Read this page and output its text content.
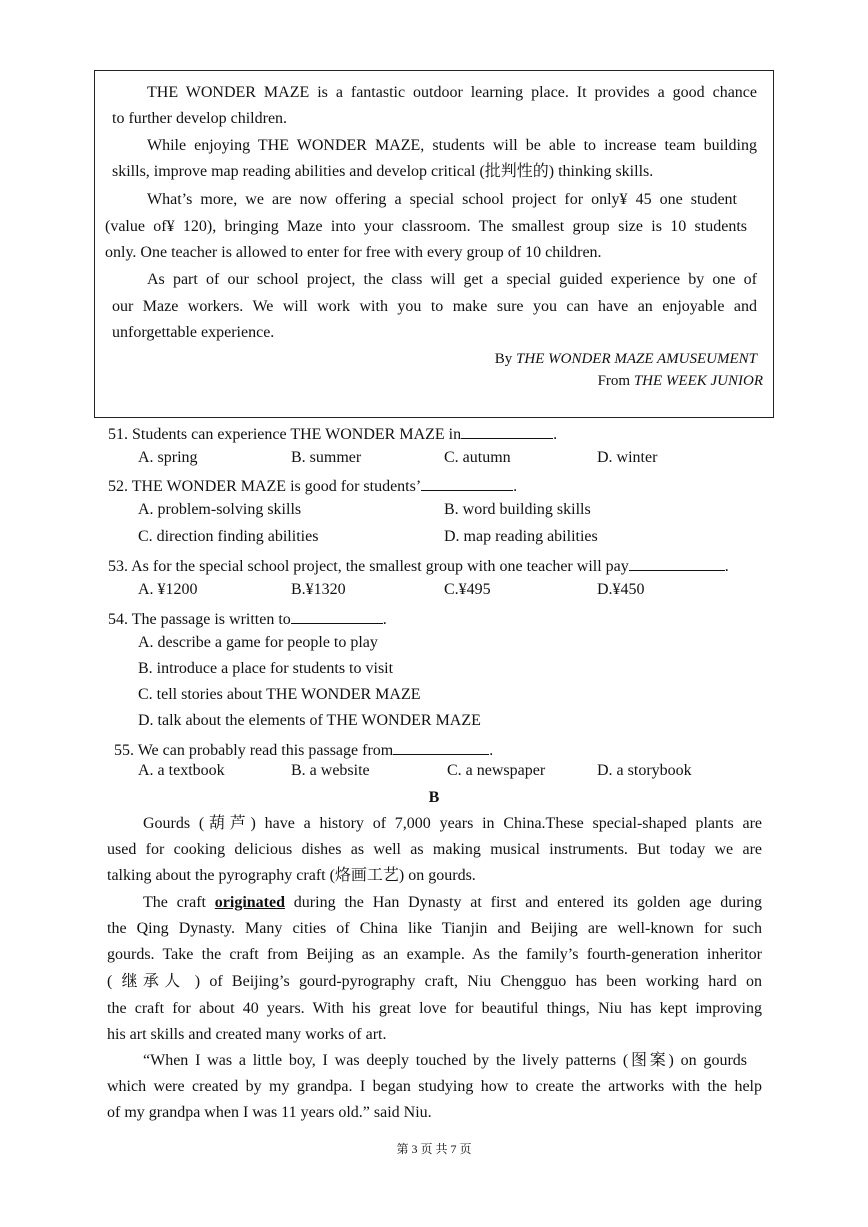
THE WONDER MAZE is a fantastic outdoor learning place. It provides a good chance
to further develop children.
While enjoying THE WONDER MAZE, students will be able to increase team building
skills, improve map reading abilities and develop critical (批判性的) thinking skills.
What’s more, we are now offering a special school project for only¥ 45 one student
(value of¥ 120), bringing Maze into your classroom. The smallest group size is 10 students
only. One teacher is allowed to enter for free with every group of 10 children.
As part of our school project, the class will get a special guided experience by one of
our Maze workers. We will work with you to make sure you can have an enjoyable and
unforgettable experience.
By THE WONDER MAZE AMUSEUMENT
From THE WEEK JUNIOR
51. Students can experience THE WONDER MAZE in	.
A. spring	B. summer	C. autumn	D. winter
52. THE WONDER MAZE is good for students’	.
A. problem-solving skills	B. word building skills
C. direction finding abilities	D. map reading abilities
53. As for the special school project, the smallest group with one teacher will pay	.
A. ¥1200	B.¥1320	C.¥495	D.¥450
54. The passage is written to	.
A. describe a game for people to play
B. introduce a place for students to visit
C. tell stories about THE WONDER MAZE
D. talk about the elements of THE WONDER MAZE
55. We can probably read this passage from	.
A. a textbook	B. a website	C. a newspaper	D. a storybook
B
Gourds (葫芦) have a history of 7,000 years in China.These special-shaped plants are
used for cooking delicious dishes as well as making musical instruments. But today we are
talking about the pyrography craft (烙画工艺) on gourds.
The craft originated during the Han Dynasty at first and entered its golden age during
the Qing Dynasty. Many cities of China like Tianjin and Beijing are well-known for such
gourds. Take the craft from Beijing as an example. As the family’s fourth-generation inheritor
( 继承人 ) of Beijing’s gourd-pyrography craft, Niu Chengguo has been working hard on
the craft for about 40 years. With his great love for beautiful things, Niu has kept improving
his art skills and created many works of art.
“When I was a little boy, I was deeply touched by the lively patterns (图案) on gourds
which were created by my grandpa. I began studying how to create the artworks with the help
of my grandpa when I was 11 years old.” said Niu.
第 3 页 共 7 页
